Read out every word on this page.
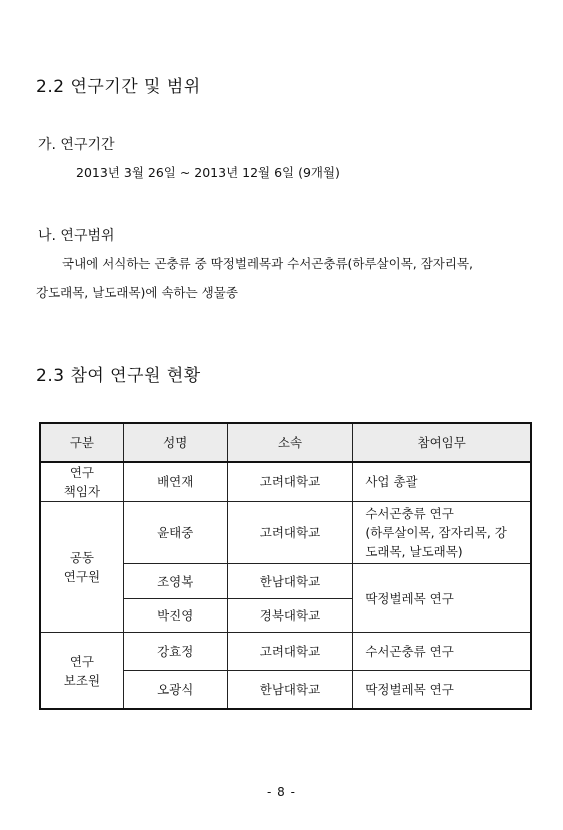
2.2 연구기간 및 범위
가. 연구기간
2013년 3월 26일 ~ 2013년 12월 6일 (9개월)
나. 연구범위
국내에 서식하는 곤충류 중 딱정벌레목과 수서곤충류(하루살이목, 잠자리목,
강도래목, 날도래목)에 속하는 생물종
2.3 참여 연구원 현황
구분	성명	소속	참여임무
연구
책임자	배연재	고려대학교	사업 총괄
공동
연구원	윤태중	고려대학교	수서곤충류 연구
(하루살이목, 잠자리목, 강
도래목, 날도래목)
	조영복	한남대학교	딱정벌레목 연구
	박진영	경북대학교	
연구
보조원	강효정	고려대학교	수서곤충류 연구
	오광식	한남대학교	딱정벌레목 연구
- 8 -
